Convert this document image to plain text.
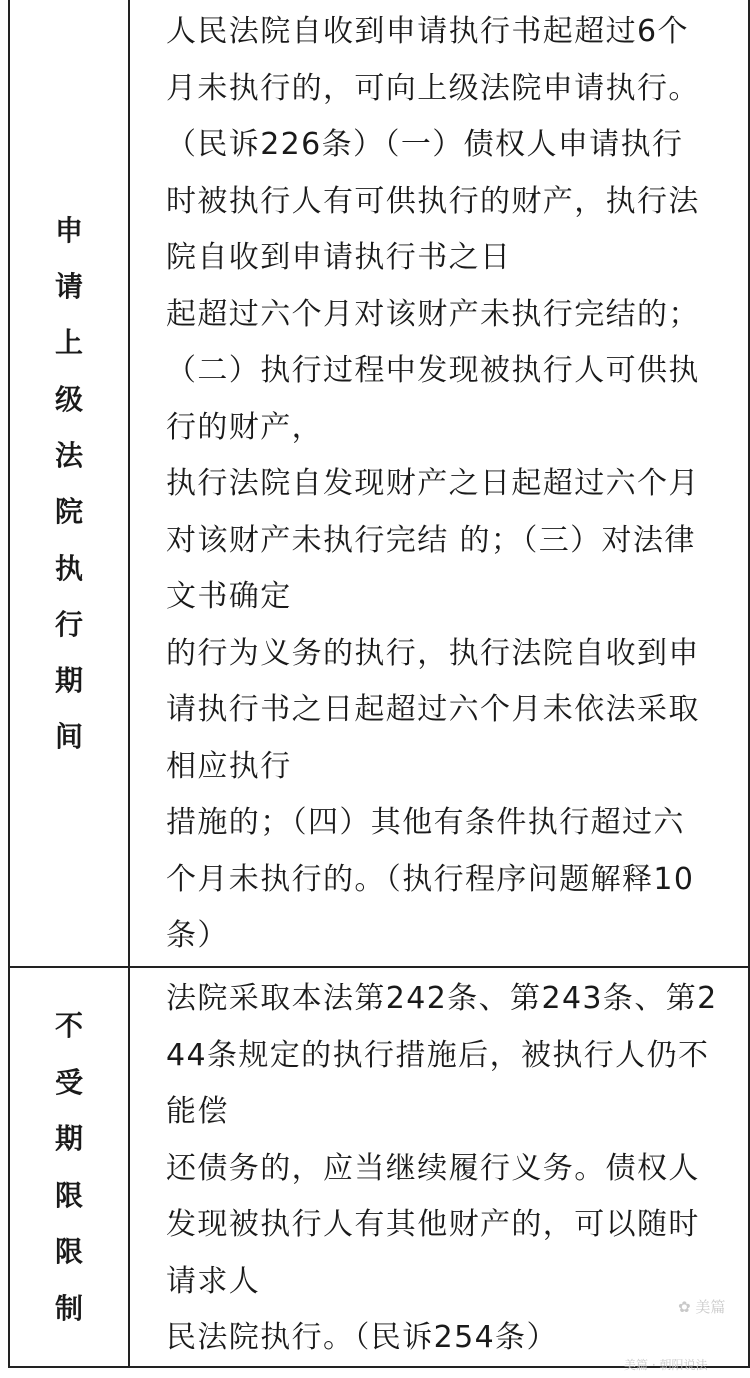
申
请
上
级
法
院
执
行
期
间
人民法院自收到申请执行书起超过6个
月未执行的，可向上级法院申请执行。
（民诉226条）（一）债权人申请执行
时被执行人有可供执行的财产，执行法
院自收到申请执行书之日
起超过六个月对该财产未执行完结的；
（二）执行过程中发现被执行人可供执
行的财产，
执行法院自发现财产之日起超过六个月
对该财产未执行完结 的；（三）对法律
文书确定
的行为义务的执行，执行法院自收到申
请执行书之日起超过六个月未依法采取
相应执行
措施的；（四）其他有条件执行超过六
个月未执行的。（执行程序问题解释10
条）
不
受
期
限
限
制
法院采取本法第242条、第243条、第2
44条规定的执行措施后，被执行人仍不
能偿
还债务的，应当继续履行义务。债权人
发现被执行人有其他财产的，可以随时
请求人
民法院执行。（民诉254条）
✿ 美篇
美篇 · 朝阳说法
